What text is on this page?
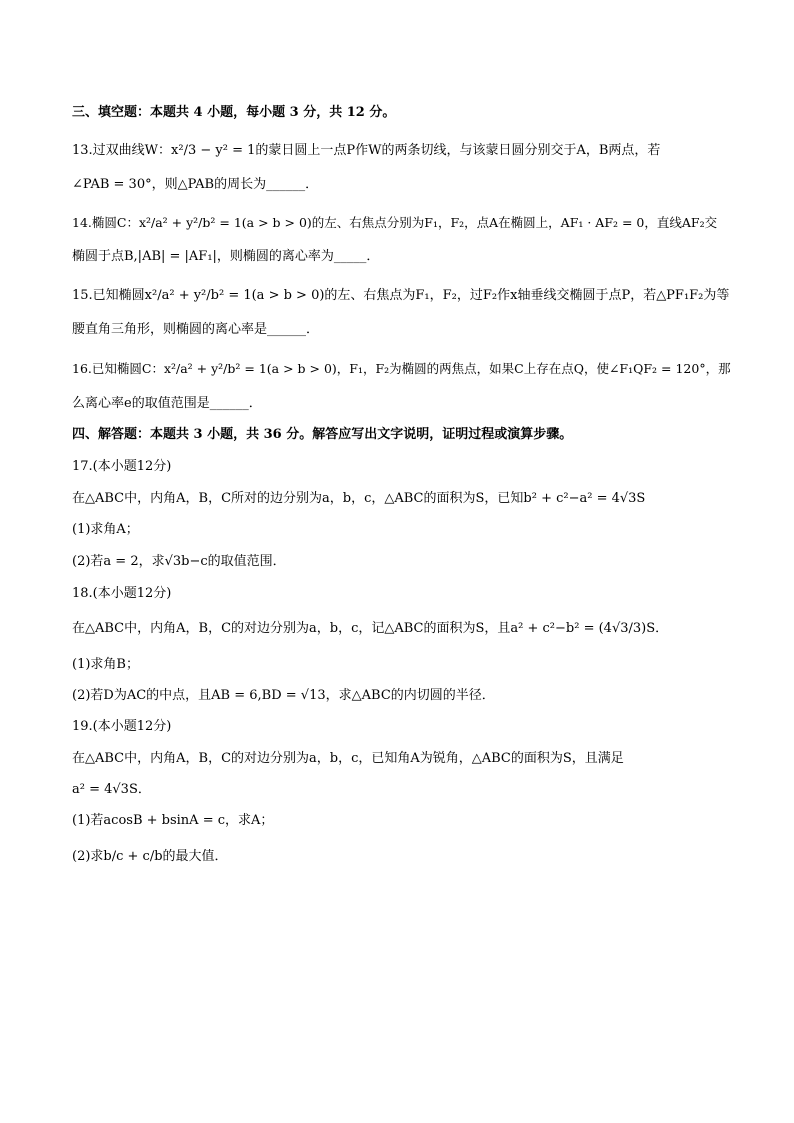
三、填空题：本题共 4 小题，每小题 3 分，共 12 分。
13.过双曲线W：x²/3 − y² = 1的蒙日圆上一点P作W的两条切线，与该蒙日圆分别交于A，B两点，若
∠PAB = 30°，则△PAB的周长为______．
14.椭圆C：x²/a² + y²/b² = 1(a > b > 0)的左、右焦点分别为F₁，F₂，点A在椭圆上，AF₁ · AF₂ = 0，直线AF₂交
椭圆于点B,|AB| = |AF₁|，则椭圆的离心率为_____．
15.已知椭圆x²/a² + y²/b² = 1(a > b > 0)的左、右焦点为F₁，F₂，过F₂作x轴垂线交椭圆于点P，若△PF₁F₂为等
腰直角三角形，则椭圆的离心率是______．
16.已知椭圆C：x²/a² + y²/b² = 1(a > b > 0)，F₁，F₂为椭圆的两焦点，如果C上存在点Q，使∠F₁QF₂ = 120°，那
么离心率e的取值范围是______．
四、解答题：本题共 3 小题，共 36 分。解答应写出文字说明，证明过程或演算步骤。
17.(本小题12分)
在△ABC中，内角A，B，C所对的边分别为a，b，c，△ABC的面积为S，已知b² + c²−a² = 4√3S
(1)求角A；
(2)若a = 2，求√3b−c的取值范围．
18.(本小题12分)
在△ABC中，内角A，B，C的对边分别为a，b，c，记△ABC的面积为S，且a² + c²−b² = (4√3/3)S．
(1)求角B；
(2)若D为AC的中点，且AB = 6,BD = √13，求△ABC的内切圆的半径．
19.(本小题12分)
在△ABC中，内角A，B，C的对边分别为a，b，c，已知角A为锐角，△ABC的面积为S，且满足
a² = 4√3S．
(1)若acosB + bsinA = c，求A；
(2)求b/c + c/b的最大值．
